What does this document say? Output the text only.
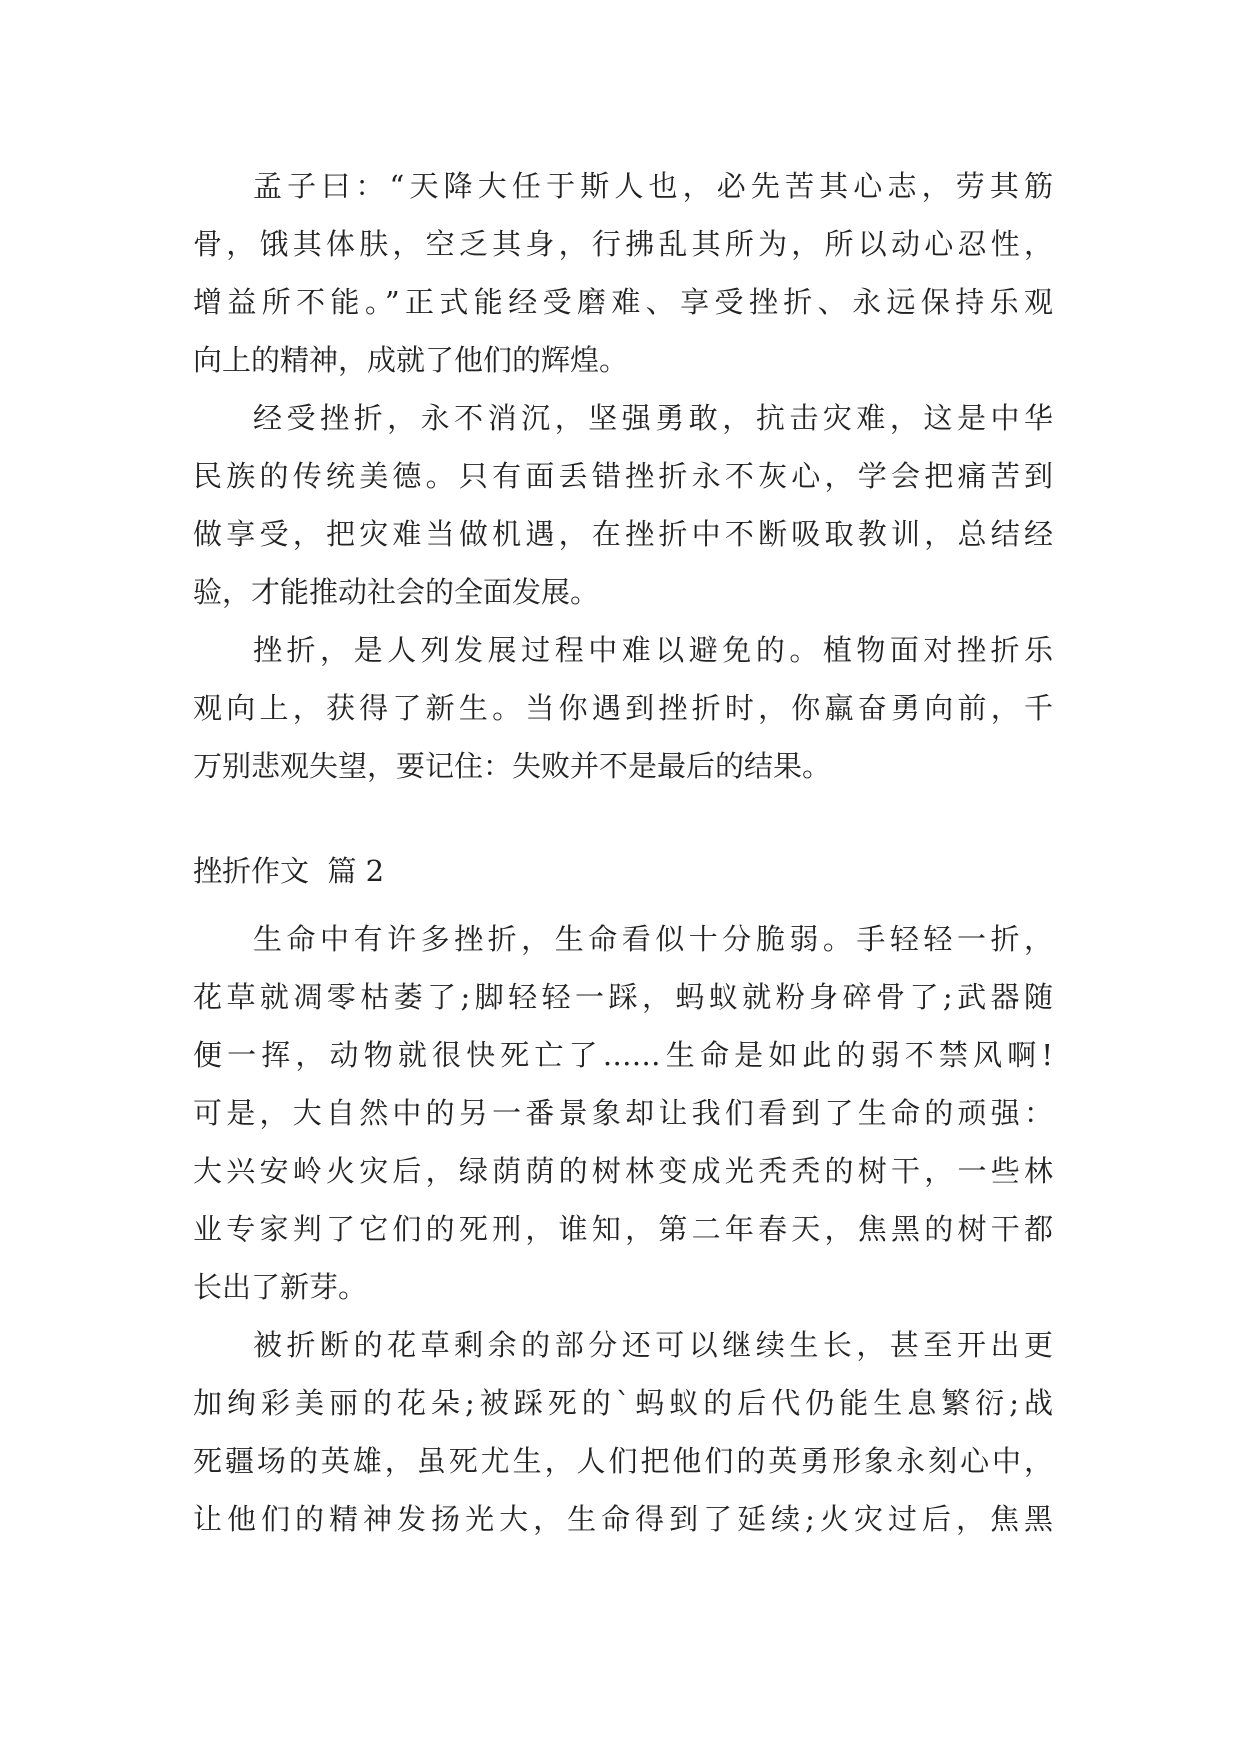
孟子曰：“天降大任于斯人也，必先苦其心志，劳其筋

骨，饿其体肤，空乏其身，行拂乱其所为，所以动心忍性，

增益所不能。”正式能经受磨难、享受挫折、永远保持乐观

向上的精神，成就了他们的辉煌。

经受挫折，永不消沉，坚强勇敢，抗击灾难，这是中华

民族的传统美德。只有面丢错挫折永不灰心，学会把痛苦到

做享受，把灾难当做机遇，在挫折中不断吸取教训，总结经

验，才能推动社会的全面发展。

挫折，是人列发展过程中难以避免的。植物面对挫折乐

观向上，获得了新生。当你遇到挫折时，你羸奋勇向前，千

万别悲观失望，要记住：失败并不是最后的结果。

挫折作文  篇 2

生命中有许多挫折，生命看似十分脆弱。手轻轻一折，

花草就凋零枯萎了;脚轻轻一踩，蚂蚁就粉身碎骨了;武器随

便一挥，动物就很快死亡了……生命是如此的弱不禁风啊!

可是，大自然中的另一番景象却让我们看到了生命的顽强：

大兴安岭火灾后，绿荫荫的树林变成光秃秃的树干，一些林

业专家判了它们的死刑，谁知，第二年春天，焦黑的树干都

长出了新芽。

被折断的花草剩余的部分还可以继续生长，甚至开出更

加绚彩美丽的花朵;被踩死的`蚂蚁的后代仍能生息繁衍;战

死疆场的英雄，虽死尤生，人们把他们的英勇形象永刻心中，

让他们的精神发扬光大，生命得到了延续;火灾过后，焦黑
